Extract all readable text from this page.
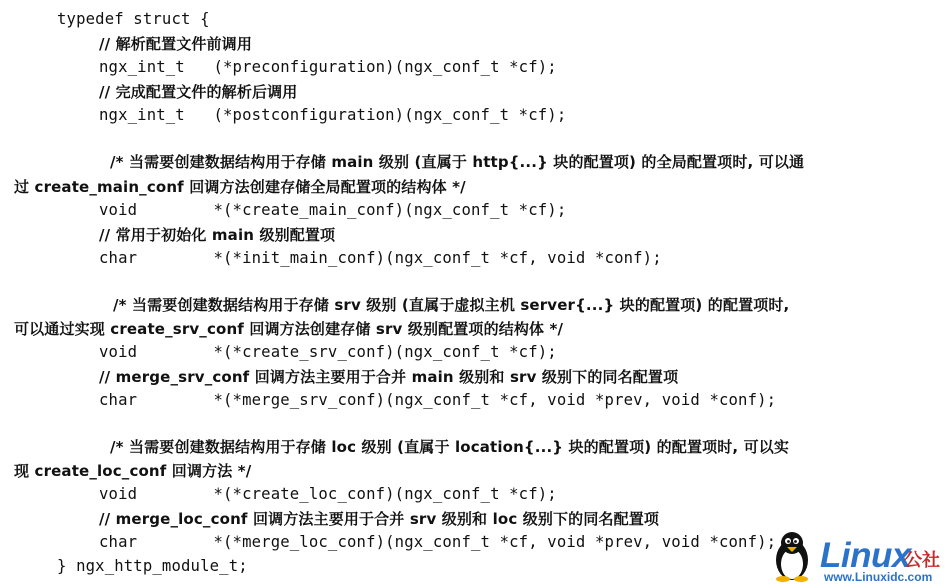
typedef struct {
// 解析配置文件前调用
ngx_int_t   (*preconfiguration)(ngx_conf_t *cf);
// 完成配置文件的解析后调用
ngx_int_t   (*postconfiguration)(ngx_conf_t *cf);
/* 当需要创建数据结构用于存储 main 级别 (直属于 http{...} 块的配置项) 的全局配置项时, 可以通
过 create_main_conf 回调方法创建存储全局配置项的结构体 */
void        *(*create_main_conf)(ngx_conf_t *cf);
// 常用于初始化 main 级别配置项
char        *(*init_main_conf)(ngx_conf_t *cf, void *conf);
/* 当需要创建数据结构用于存储 srv 级别 (直属于虚拟主机 server{...} 块的配置项) 的配置项时,
可以通过实现 create_srv_conf 回调方法创建存储 srv 级别配置项的结构体 */
void        *(*create_srv_conf)(ngx_conf_t *cf);
// merge_srv_conf 回调方法主要用于合并 main 级别和 srv 级别下的同名配置项
char        *(*merge_srv_conf)(ngx_conf_t *cf, void *prev, void *conf);
/* 当需要创建数据结构用于存储 loc 级别 (直属于 location{...} 块的配置项) 的配置项时, 可以实
现 create_loc_conf 回调方法 */
void        *(*create_loc_conf)(ngx_conf_t *cf);
// merge_loc_conf 回调方法主要用于合并 srv 级别和 loc 级别下的同名配置项
char        *(*merge_loc_conf)(ngx_conf_t *cf, void *prev, void *conf);
} ngx_http_module_t;	Linux
公社
www.Linuxidc.com
